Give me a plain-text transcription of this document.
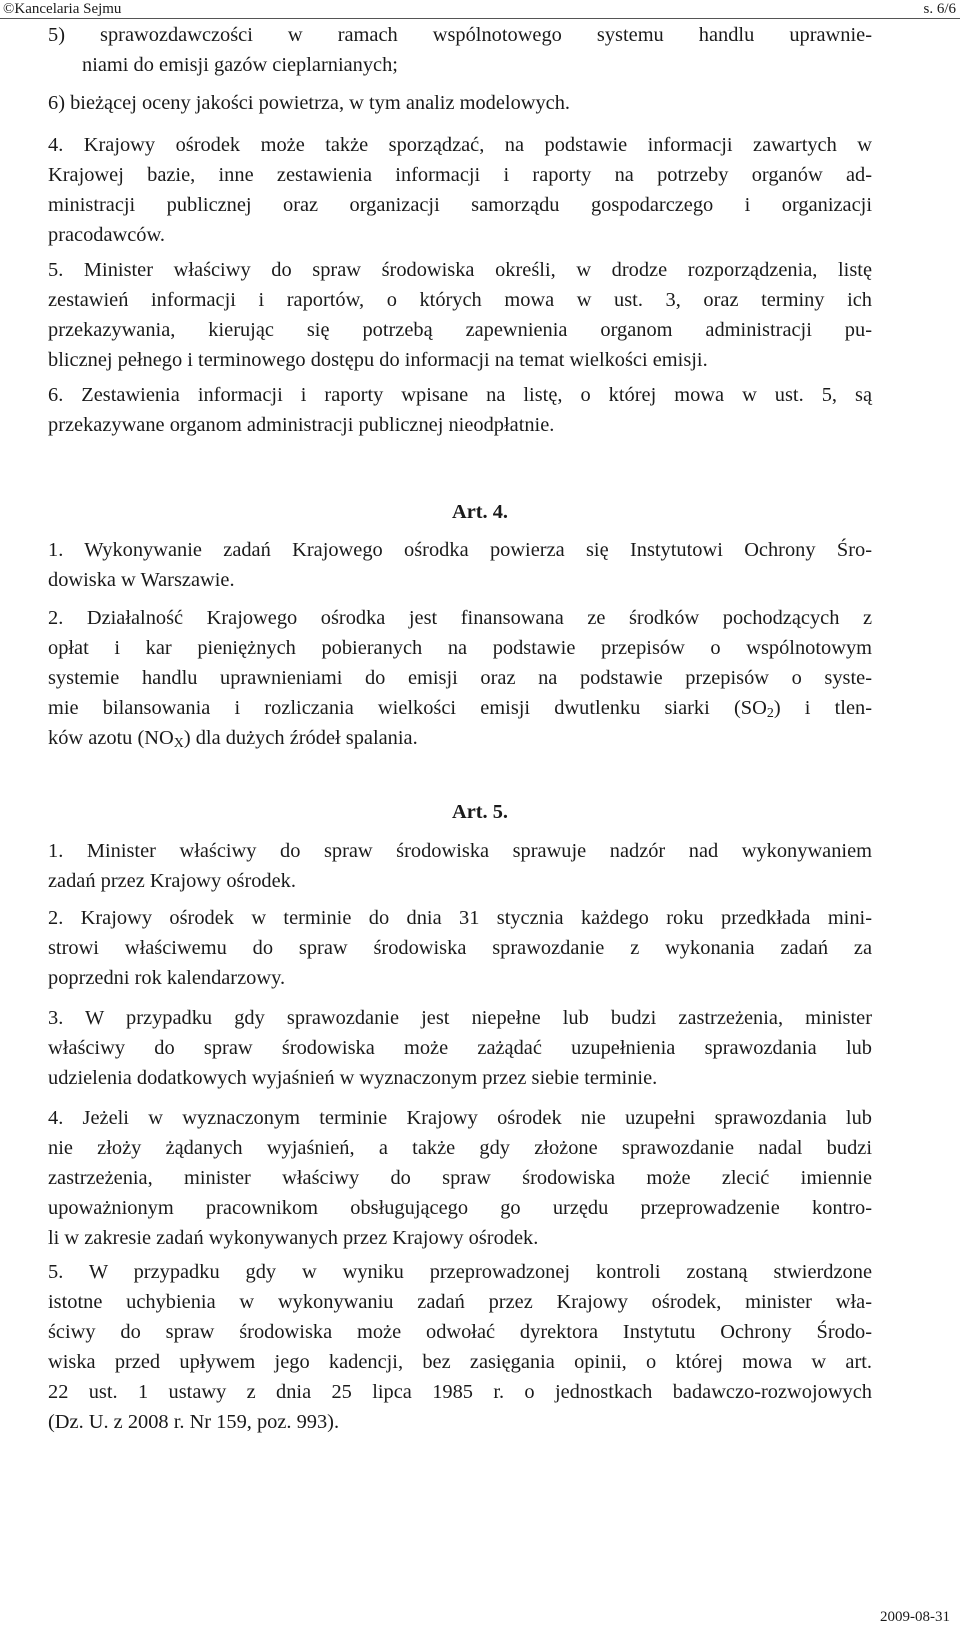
©Kancelaria Sejmu	s. 6/6
5) sprawozdawczości w ramach wspólnotowego systemu handlu uprawnie-
niami do emisji gazów cieplarnianych;
6) bieżącej oceny jakości powietrza, w tym analiz modelowych.
4. Krajowy ośrodek może także sporządzać, na podstawie informacji zawartych w
Krajowej bazie, inne zestawienia informacji i raporty na potrzeby organów ad-
ministracji publicznej oraz organizacji samorządu gospodarczego i organizacji
pracodawców.
5. Minister właściwy do spraw środowiska określi, w drodze rozporządzenia, listę
zestawień informacji i raportów, o których mowa w ust. 3, oraz terminy ich
przekazywania, kierując się potrzebą zapewnienia organom administracji pu-
blicznej pełnego i terminowego dostępu do informacji na temat wielkości emisji.
6. Zestawienia informacji i raporty wpisane na listę, o której mowa w ust. 5, są
przekazywane organom administracji publicznej nieodpłatnie.
Art. 4.
1. Wykonywanie zadań Krajowego ośrodka powierza się Instytutowi Ochrony Śro-
dowiska w Warszawie.
2. Działalność Krajowego ośrodka jest finansowana ze środków pochodzących z
opłat i kar pieniężnych pobieranych na podstawie przepisów o wspólnotowym
systemie handlu uprawnieniami do emisji oraz na podstawie przepisów o syste-
mie bilansowania i rozliczania wielkości emisji dwutlenku siarki $(SO_2)$ i tlen-
ków azotu $(NO_X)$ dla dużych źródeł spalania.
Art. 5.
1. Minister właściwy do spraw środowiska sprawuje nadzór nad wykonywaniem
zadań przez Krajowy ośrodek.
2. Krajowy ośrodek w terminie do dnia 31 stycznia każdego roku przedkłada mini-
strowi właściwemu do spraw środowiska sprawozdanie z wykonania zadań za
poprzedni rok kalendarzowy.
3. W przypadku gdy sprawozdanie jest niepełne lub budzi zastrzeżenia, minister
właściwy do spraw środowiska może zażądać uzupełnienia sprawozdania lub
udzielenia dodatkowych wyjaśnień w wyznaczonym przez siebie terminie.
4. Jeżeli w wyznaczonym terminie Krajowy ośrodek nie uzupełni sprawozdania lub
nie złoży żądanych wyjaśnień, a także gdy złożone sprawozdanie nadal budzi
zastrzeżenia, minister właściwy do spraw środowiska może zlecić imiennie
upoważnionym pracownikom obsługującego go urzędu przeprowadzenie kontro-
li w zakresie zadań wykonywanych przez Krajowy ośrodek.
5. W przypadku gdy w wyniku przeprowadzonej kontroli zostaną stwierdzone
istotne uchybienia w wykonywaniu zadań przez Krajowy ośrodek, minister wła-
ściwy do spraw środowiska może odwołać dyrektora Instytutu Ochrony Środo-
wiska przed upływem jego kadencji, bez zasięgania opinii, o której mowa w art.
22 ust. 1 ustawy z dnia 25 lipca 1985 r. o jednostkach badawczo-rozwojowych
(Dz. U. z 2008 r. Nr 159, poz. 993).
2009-08-31
